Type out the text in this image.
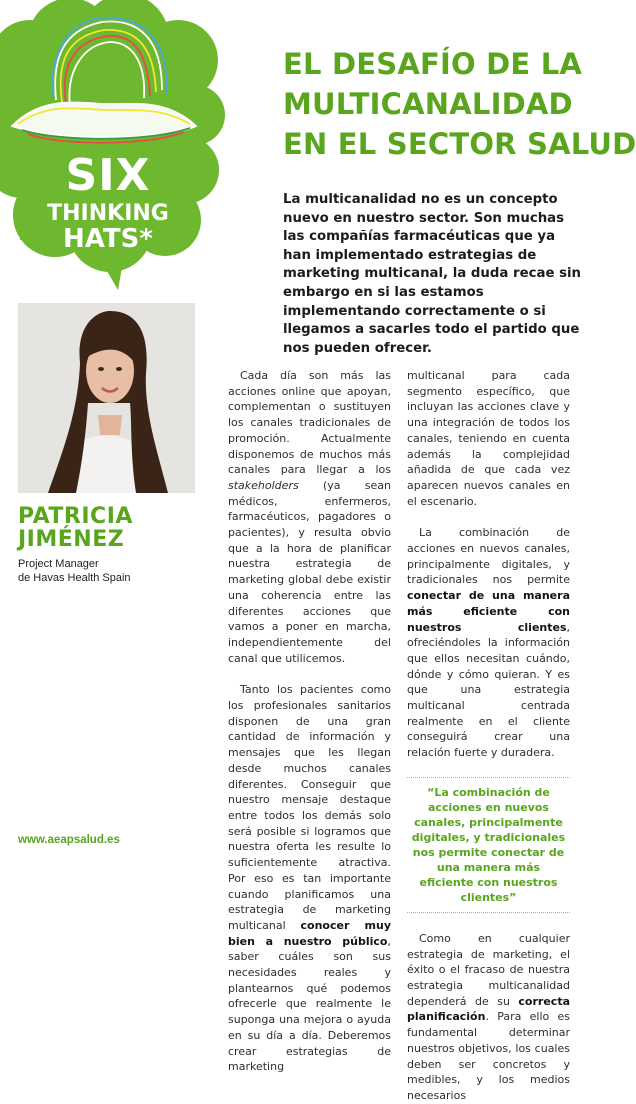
SIX
THINKING
HATS*
EL DESAFÍO DE LA
MULTICANALIDAD
EN EL SECTOR SALUD

La multicanalidad no es un concepto nuevo en nuestro sector. Son muchas las compañías farmacéuticas que ya han implementado estrategias de marketing multicanal, la duda recae sin embargo en si las estamos implementando correctamente o si llegamos a sacarles todo el partido que nos pueden ofrecer.

PATRICIA
JIMÉNEZ

Project Manager
de Havas Health Spain

www.aeapsalud.es

Cada día son más las acciones online que apoyan, complementan o sustituyen los canales tradicionales de promoción. Actualmente disponemos de muchos más canales para llegar a los stakeholders (ya sean médicos, enfermeros, farmacéuticos, pagadores o pacientes), y resulta obvio que a la hora de planificar nuestra estrategia de marketing global debe existir una coherencia entre las diferentes acciones que vamos a poner en marcha, independientemente del canal que utilicemos.

Tanto los pacientes como los profesionales sanitarios disponen de una gran cantidad de información y mensajes que les llegan desde muchos canales diferentes. Conseguir que nuestro mensaje destaque entre todos los demás solo será posible si logramos que nuestra oferta les resulte lo suficientemente atractiva. Por eso es tan importante cuando planificamos una estrategia de marketing multicanal conocer muy bien a nuestro público, saber cuáles son sus necesidades reales y plantearnos qué podemos ofrecerle que realmente le suponga una mejora o ayuda en su día a día. Deberemos crear estrategias de marketing

multicanal para cada segmento específico, que incluyan las acciones clave y una integración de todos los canales, teniendo en cuenta además la complejidad añadida de que cada vez aparecen nuevos canales en el escenario.

La combinación de acciones en nuevos canales, principalmente digitales, y tradicionales nos permite conectar de una manera más eficiente con nuestros clientes, ofreciéndoles la información que ellos necesitan cuándo, dónde y cómo quieran. Y es que una estrategia multicanal centrada realmente en el cliente conseguirá crear una relación fuerte y duradera.

“La combinación de acciones en nuevos canales, principalmente digitales, y tradicionales nos permite conectar de una manera más eficiente con nuestros clientes”

Como en cualquier estrategia de marketing, el éxito o el fracaso de nuestra estrategia multicanalidad dependerá de su correcta planificación. Para ello es fundamental determinar nuestros objetivos, los cuales deben ser concretos y medibles, y los medios necesarios
